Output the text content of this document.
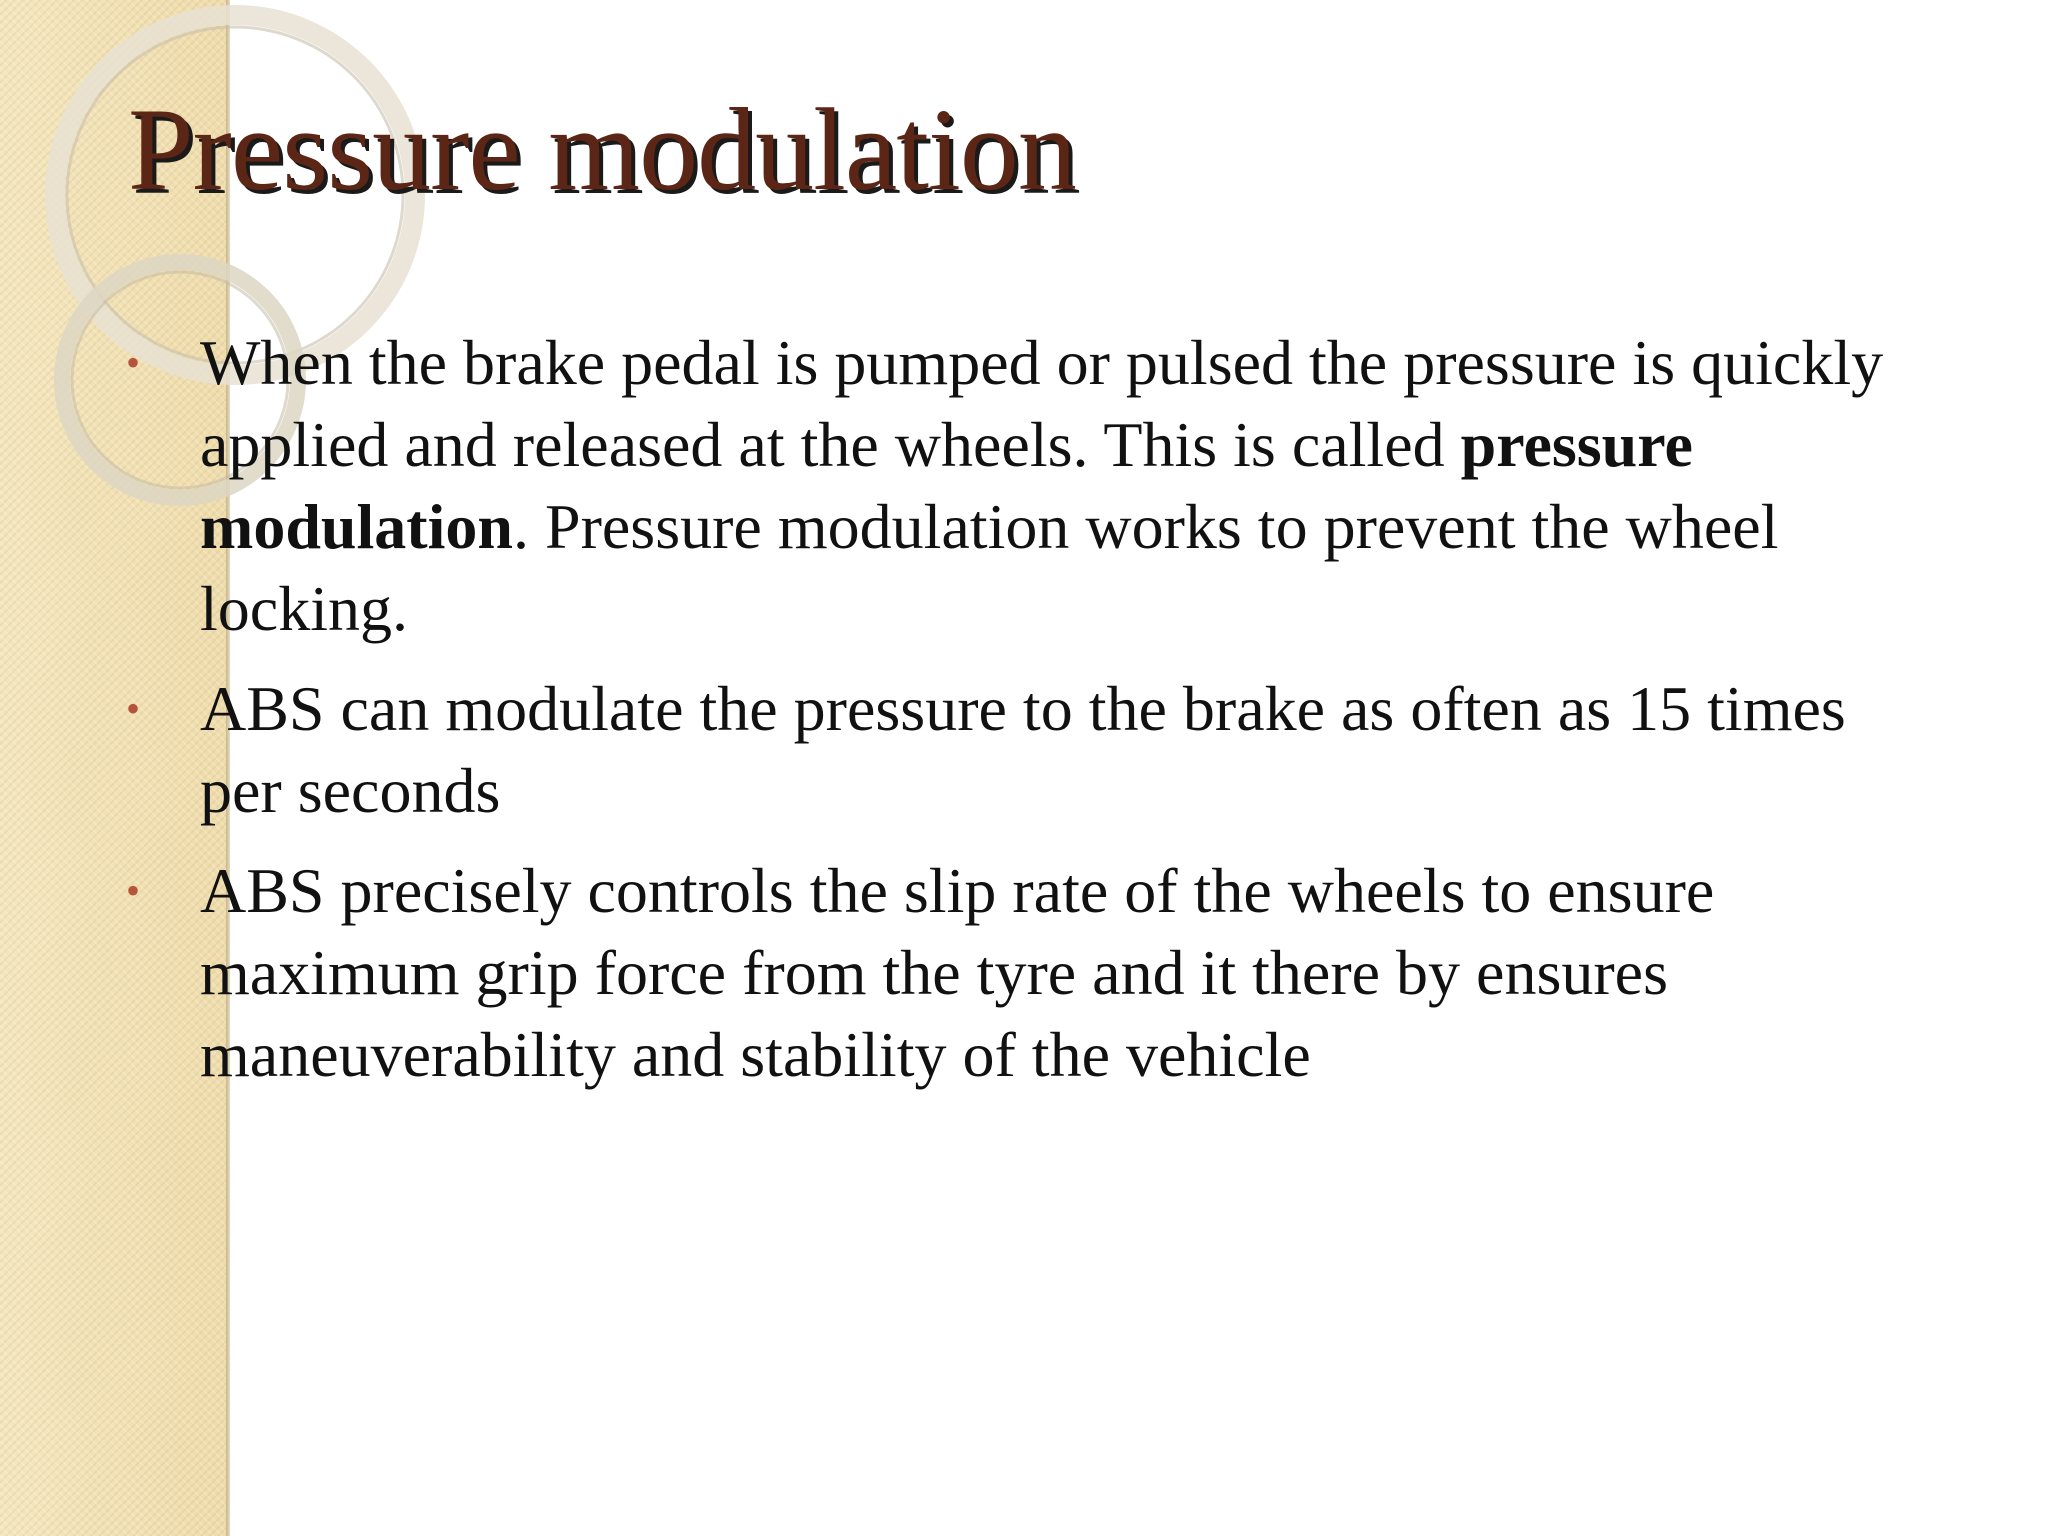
Pressure modulation
• When the brake pedal is pumped or pulsed the pressure is quickly applied and released at the wheels. This is called pressure modulation. Pressure modulation works to prevent the wheel locking.
• ABS can modulate the pressure to the brake as often as 15 times per seconds
• ABS precisely controls the slip rate of the wheels to ensure maximum grip force from the tyre and it there by ensures maneuverability and stability of the vehicle
